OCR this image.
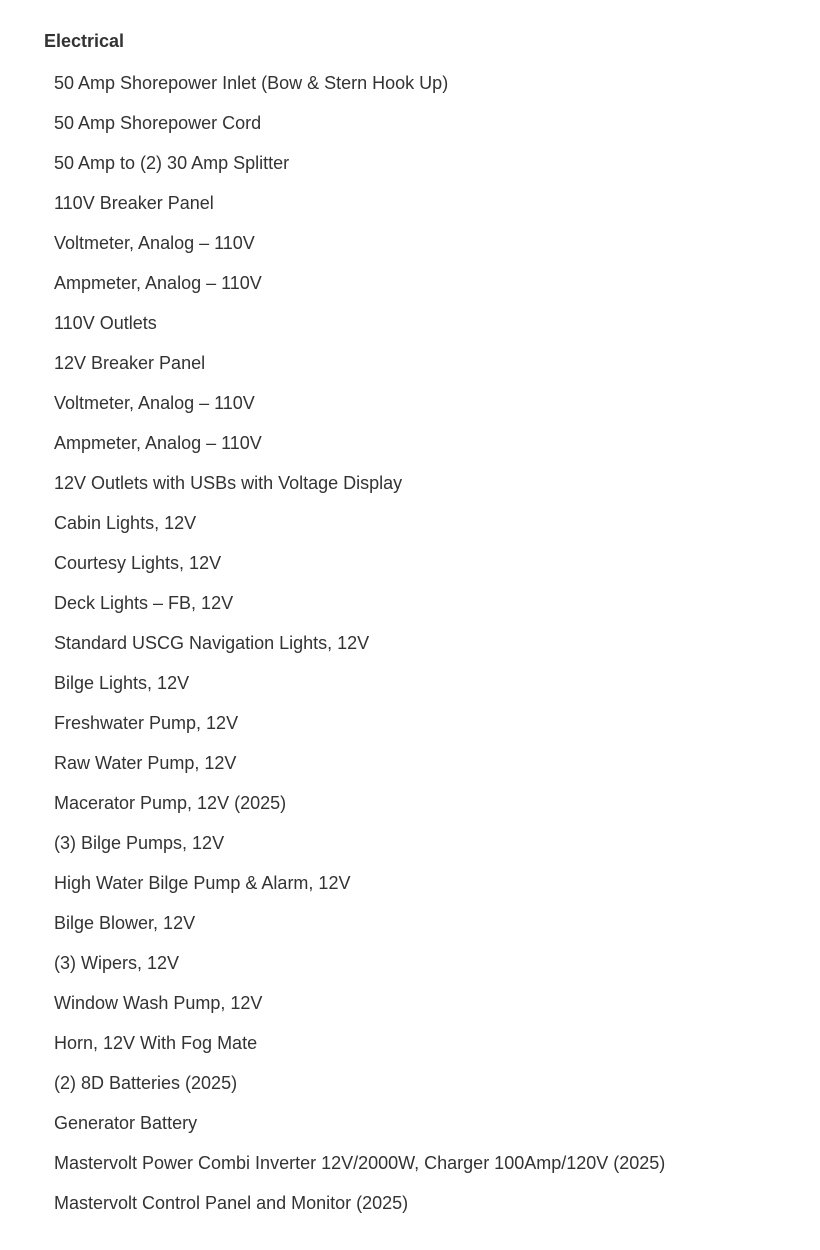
Electrical
50 Amp Shorepower Inlet (Bow & Stern Hook Up)
50 Amp Shorepower Cord
50 Amp to (2) 30 Amp Splitter
110V Breaker Panel
Voltmeter, Analog – 110V
Ampmeter, Analog – 110V
110V Outlets
12V Breaker Panel
Voltmeter, Analog – 110V
Ampmeter, Analog – 110V
12V Outlets with USBs with Voltage Display
Cabin Lights, 12V
Courtesy Lights, 12V
Deck Lights – FB, 12V
Standard USCG Navigation Lights, 12V
Bilge Lights, 12V
Freshwater Pump, 12V
Raw Water Pump, 12V
Macerator Pump, 12V (2025)
(3) Bilge Pumps, 12V
High Water Bilge Pump & Alarm, 12V
Bilge Blower, 12V
(3) Wipers, 12V
Window Wash Pump, 12V
Horn, 12V With Fog Mate
(2) 8D Batteries (2025)
Generator Battery
Mastervolt Power Combi Inverter 12V/2000W, Charger 100Amp/120V (2025)
Mastervolt Control Panel and Monitor (2025)
